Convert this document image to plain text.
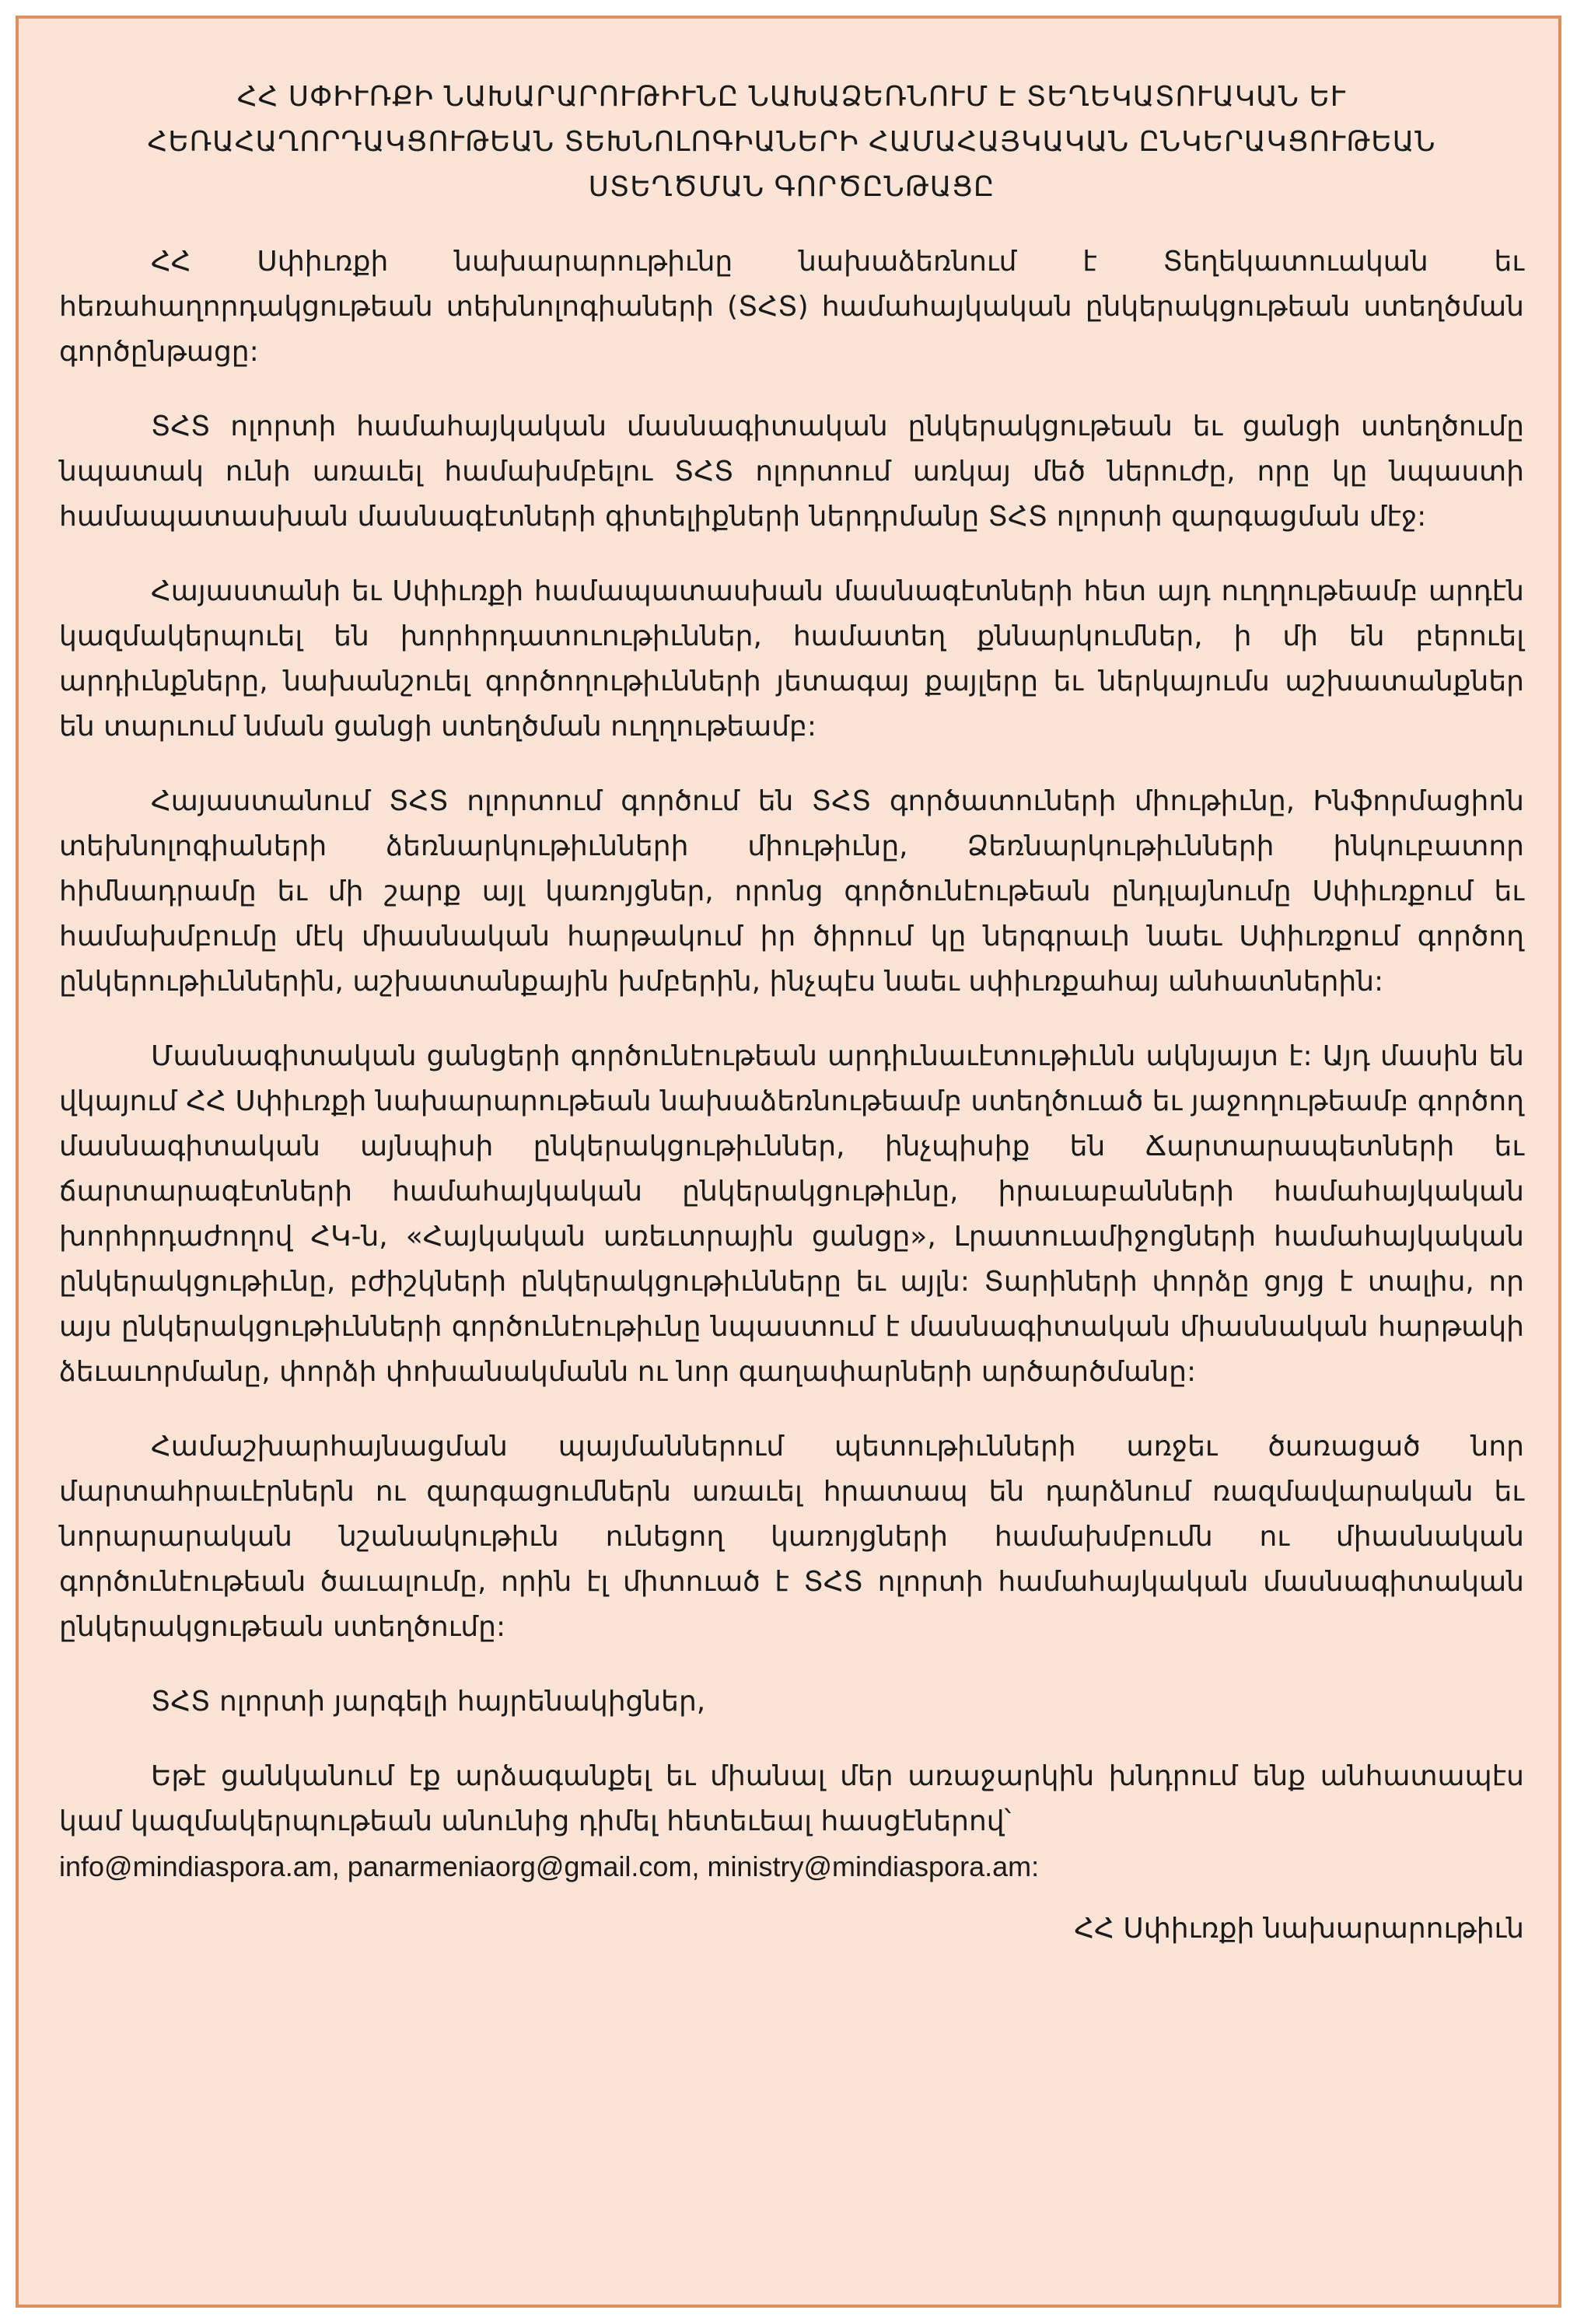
ՀՀ ՍՓԻՒՌՔԻ ՆԱԽԱՐԱՐՈՒԹԻՒՆԸ ՆԱԽԱՁԵՌՆՈՒՄ Է ՏԵՂԵԿԱՏՈՒԱԿԱՆ ԵՒ ՀԵՌԱՀԱՂՈՐԴԱԿՑՈՒԹԵԱՆ ՏԵԽՆՈԼՈԳԻԱՆԵՐԻ ՀԱՄԱՀԱՅԿԱԿԱՆ ԸՆԿԵՐԱԿՑՈՒԹԵԱՆ ՍՏԵՂԾՄԱՆ ԳՈՐԾԸՆԹԱՑԸ

ՀՀ Սփիւռքի նախարարութիւնը նախաձեռնում է Տեղեկատուական եւ հեռահաղորդակցութեան տեխնոլոգիաների (ՏՀՏ) համահայկական ընկերակցութեան ստեղծման գործընթացը:

ՏՀՏ ոլորտի համահայկական մասնագիտական ընկերակցութեան եւ ցանցի ստեղծումը նպատակ ունի առաւել համախմբելու ՏՀՏ ոլորտում առկայ մեծ ներուժը, որը կը նպաստի համապատասխան մասնագէտների գիտելիքների ներդրմանը ՏՀՏ ոլորտի զարգացման մէջ:

Հայաստանի եւ Սփիւռքի համապատասխան մասնագէտների հետ այդ ուղղութեամբ արդէն կազմակերպուել են խորհրդատուութիւններ, համատեղ քննարկումներ, ի մի են բերուել արդիւնքները, նախանշուել գործողութիւնների յետագայ քայլերը եւ ներկայումս աշխատանքներ են տարւում նման ցանցի ստեղծման ուղղութեամբ:

Հայաստանում ՏՀՏ ոլորտում գործում են ՏՀՏ գործատուների միութիւնը, Ինֆորմացիոն տեխնոլոգիաների ձեռնարկութիւնների միութիւնը, Ձեռնարկութիւնների ինկուբատոր հիմնադրամը եւ մի շարք այլ կառոյցներ, որոնց գործունէութեան ընդլայնումը Սփիւռքում եւ համախմբումը մէկ միասնական հարթակում իր ծիրում կը ներգրաւի նաեւ Սփիւռքում գործող ընկերութիւններին, աշխատանքային խմբերին, ինչպէս նաեւ սփիւռքահայ անհատներին:

Մասնագիտական ցանցերի գործունէութեան արդիւնաւէտութիւնն ակնյայտ է: Այդ մասին են վկայում ՀՀ Սփիւռքի նախարարութեան նախաձեռնութեամբ ստեղծուած եւ յաջողութեամբ գործող մասնագիտական այնպիսի ընկերակցութիւններ, ինչպիսիք են Ճարտարապետների եւ ճարտարագէտների համահայկական ընկերակցութիւնը, իրաւաբանների համահայկական խորհրդաժողով ՀԿ-ն, «Հայկական առեւտրային ցանցը», Լրատուամիջոցների համահայկական ընկերակցութիւնը, բժիշկների ընկերակցութիւնները եւ այլն: Տարիների փորձը ցոյց է տալիս, որ այս ընկերակցութիւնների գործունէութիւնը նպաստում է մասնագիտական միասնական հարթակի ձեւաւորմանը, փորձի փոխանակմանն ու նոր գաղափարների արծարծմանը:

Համաշխարհայնացման պայմաններում պետութիւնների առջեւ ծառացած նոր մարտահրաւէրներն ու զարգացումներն առաւել հրատապ են դարձնում ռազմավարական եւ նորարարական նշանակութիւն ունեցող կառոյցների համախմբումն ու միասնական գործունէութեան ծաւալումը, որին էլ միտուած է ՏՀՏ ոլորտի համահայկական մասնագիտական ընկերակցութեան ստեղծումը:

ՏՀՏ ոլորտի յարգելի հայրենակիցներ,

Եթէ ցանկանում էք արձագանքել եւ միանալ մեր առաջարկին խնդրում ենք անհատապէս կամ կազմակերպութեան անունից դիմել հետեւեալ հասցէներով՝
info@mindiaspora.am, panarmeniaorg@gmail.com, ministry@mindiaspora.am:

ՀՀ Սփիւռքի նախարարութիւն
